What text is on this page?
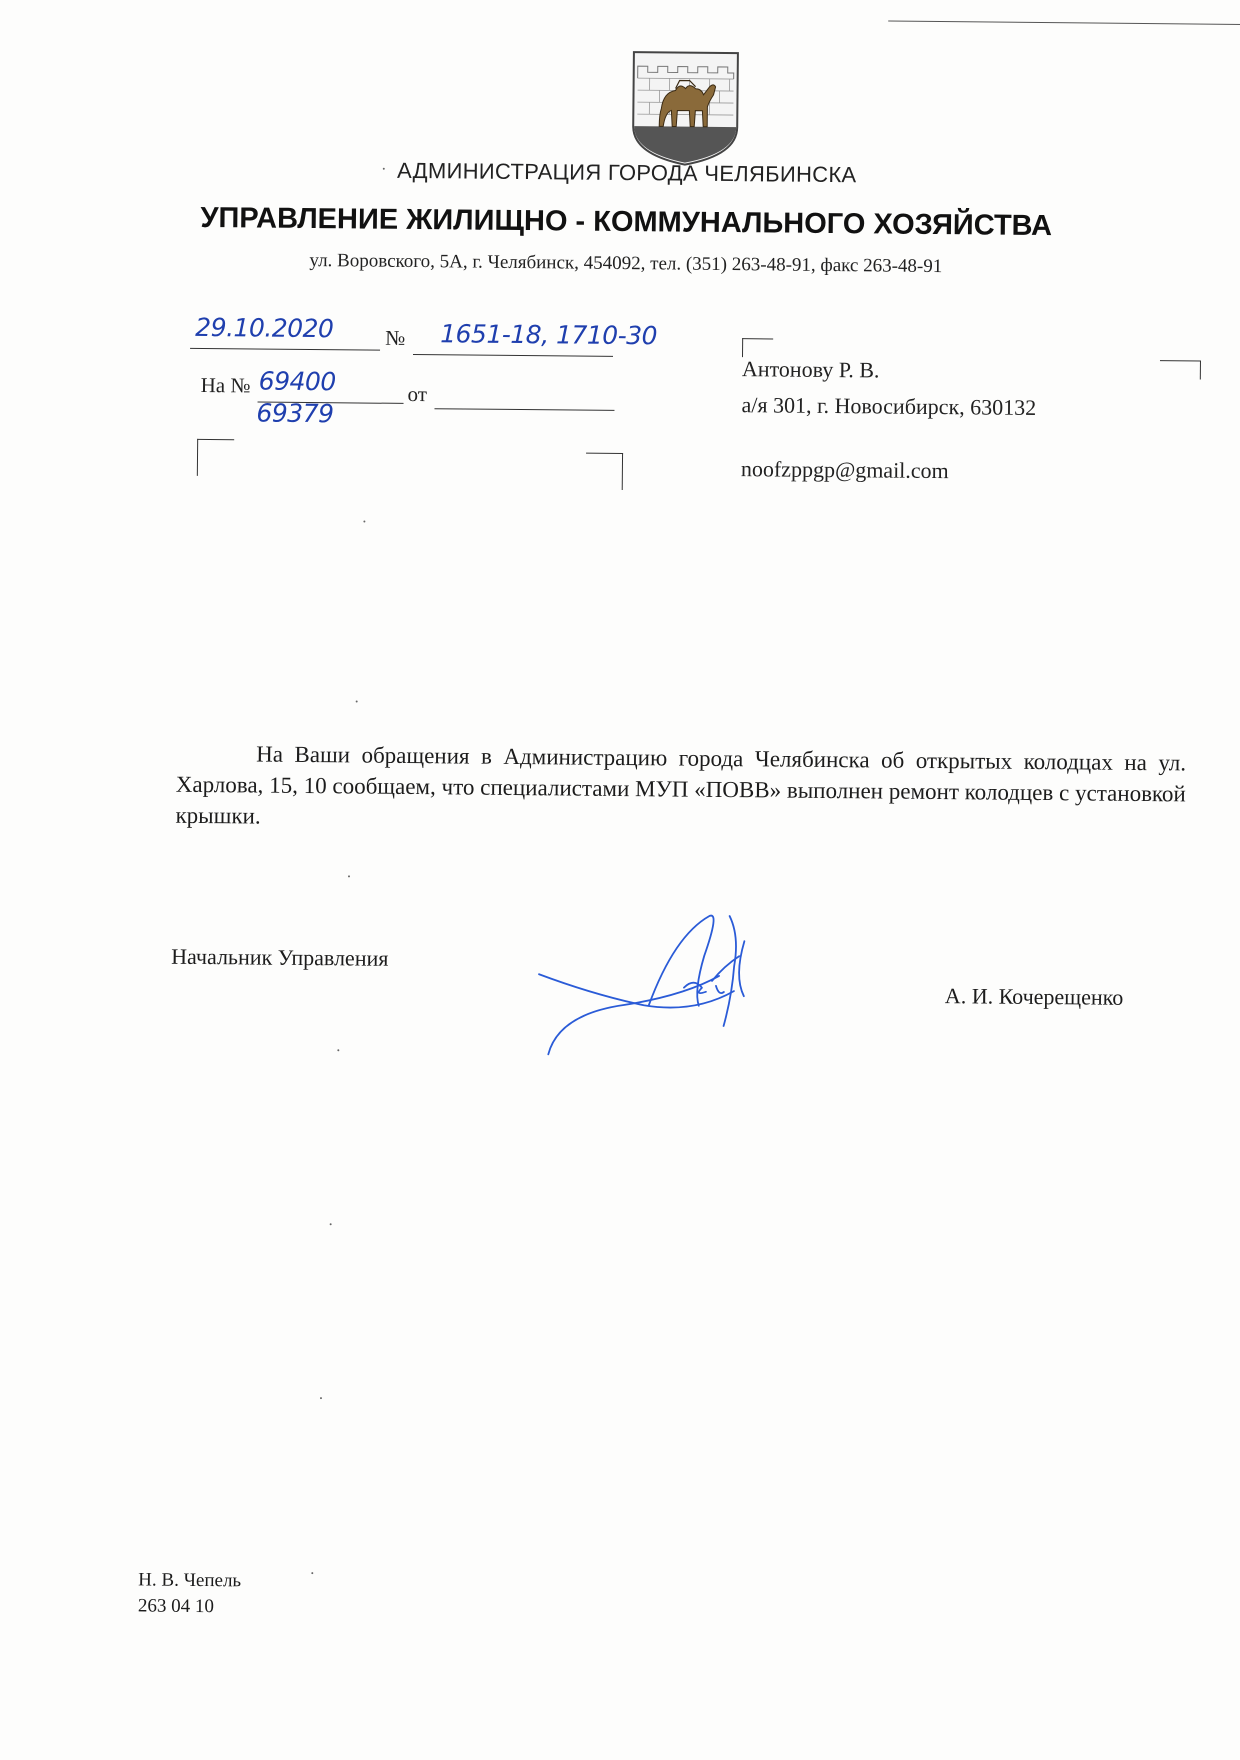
АДМИНИСТРАЦИЯ ГОРОДА ЧЕЛЯБИНСКА
УПРАВЛЕНИЕ ЖИЛИЩНО - КОММУНАЛЬНОГО ХОЗЯЙСТВА
ул. Воровского, 5А, г. Челябинск, 454092, тел. (351) 263-48-91, факс 263-48-91
29.10.2020 № 1651-18, 1710-30
На № 69400
69379
от
Антонову Р. В.
а/я 301, г. Новосибирск, 630132
noofzppgp@gmail.com
На Ваши обращения в Администрацию города Челябинска об открытых колодцах на ул. Харлова, 15, 10 сообщаем, что специалистами МУП «ПОВВ» выполнен ремонт колодцев с установкой крышки.
Начальник Управления
А. И. Кочерещенко
Н. В. Чепель
263 04 10
